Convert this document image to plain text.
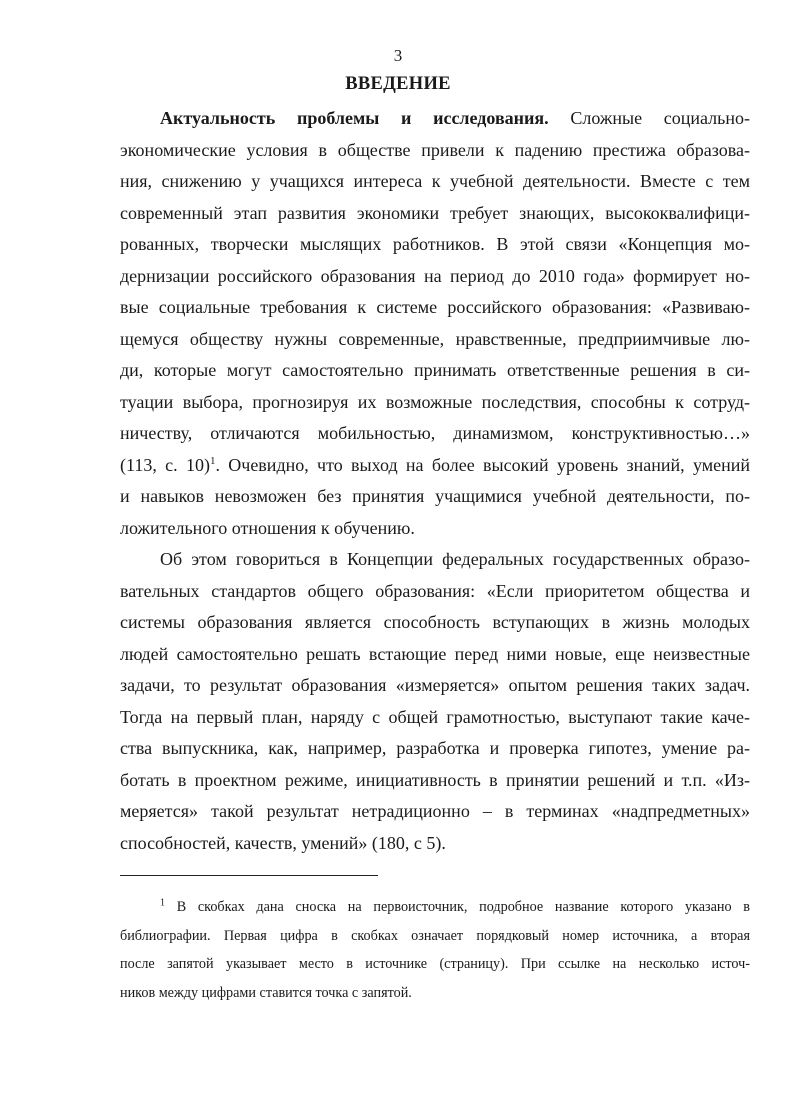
3
ВВЕДЕНИЕ
Актуальность проблемы и исследования. Сложные социально-
экономические условия в обществе привели к падению престижа образова-
ния, снижению у учащихся интереса к учебной деятельности. Вместе с тем
современный этап развития экономики требует знающих, высококвалифици-
рованных, творчески мыслящих работников. В этой связи «Концепция мо-
дернизации российского образования на период до 2010 года» формирует но-
вые социальные требования к системе российского образования: «Развиваю-
щемуся обществу нужны современные, нравственные, предприимчивые лю-
ди, которые могут самостоятельно принимать ответственные решения в си-
туации выбора, прогнозируя их возможные последствия, способны к сотруд-
ничеству, отличаются мобильностью, динамизмом, конструктивностью…»
(113, с. 10)$^1$. Очевидно, что выход на более высокий уровень знаний, умений
и навыков невозможен без принятия учащимися учебной деятельности, по-
ложительного отношения к обучению.
Об этом говориться в Концепции федеральных государственных образо-
вательных стандартов общего образования: «Если приоритетом общества и
системы образования является способность вступающих в жизнь молодых
людей самостоятельно решать встающие перед ними новые, еще неизвестные
задачи, то результат образования «измеряется» опытом решения таких задач.
Тогда на первый план, наряду с общей грамотностью, выступают такие каче-
ства выпускника, как, например, разработка и проверка гипотез, умение ра-
ботать в проектном режиме, инициативность в принятии решений и т.п. «Из-
меряется» такой результат нетрадиционно – в терминах «надпредметных»
способностей, качеств, умений» (180, с 5).
$^1$ В скобках дана сноска на первоисточник, подробное название которого указано в
библиографии. Первая цифра в скобках означает порядковый номер источника, а вторая
после запятой указывает место в источнике (страницу). При ссылке на несколько источ-
ников между цифрами ставится точка с запятой.
